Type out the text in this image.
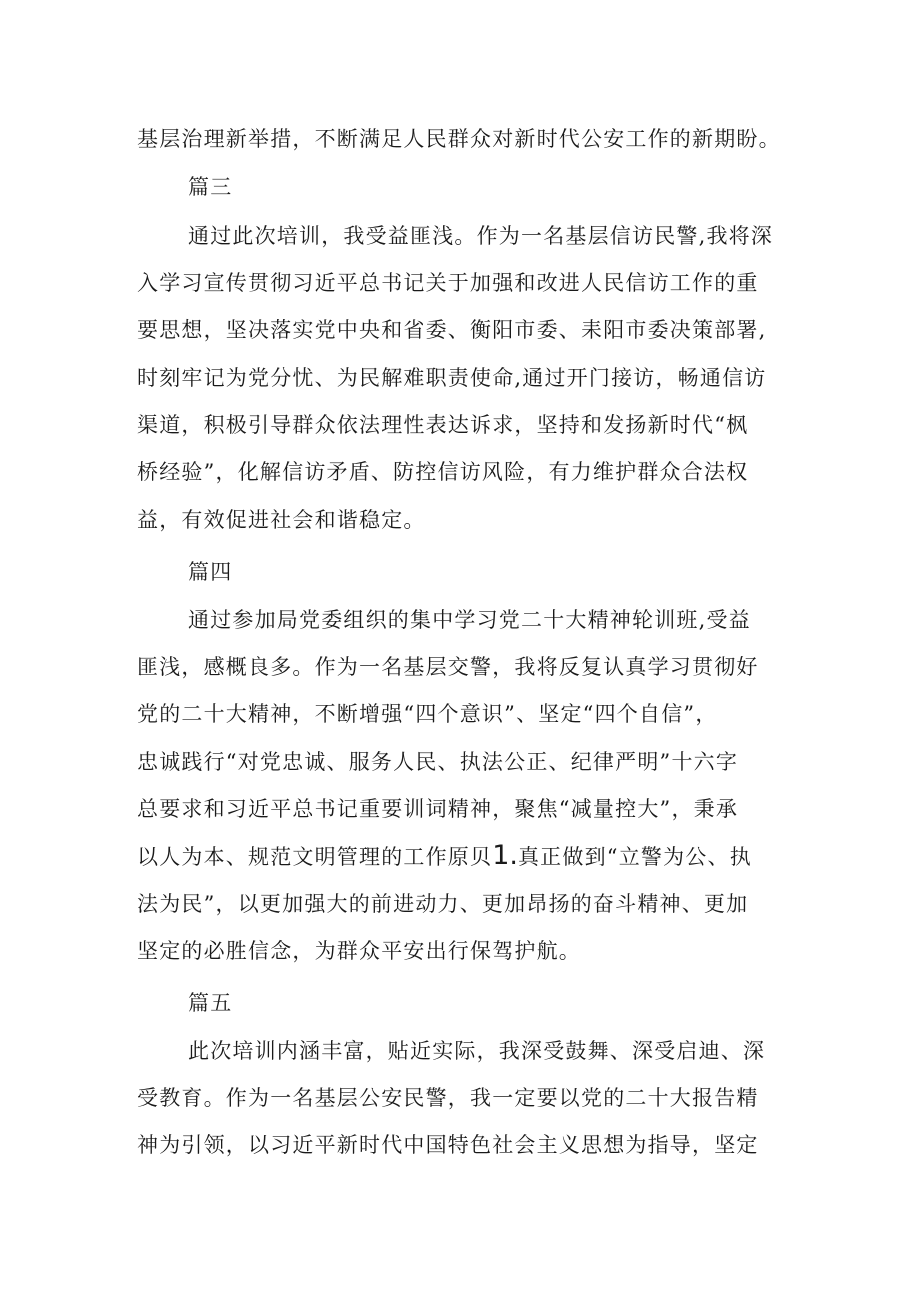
基层治理新举措，不断满足人民群众对新时代公安工作的新期盼。
篇三
通过此次培训，我受益匪浅。作为一名基层信访民警,我将深
入学习宣传贯彻习近平总书记关于加强和改进人民信访工作的重
要思想，坚决落实党中央和省委、衡阳市委、耒阳市委决策部署,
时刻牢记为党分忧、为民解难职责使命,通过开门接访，畅通信访
渠道，积极引导群众依法理性表达诉求，坚持和发扬新时代“枫
桥经验”，化解信访矛盾、防控信访风险，有力维护群众合法权
益，有效促进社会和谐稳定。
篇四
通过参加局党委组织的集中学习党二十大精神轮训班,受益
匪浅，感概良多。作为一名基层交警，我将反复认真学习贯彻好
党的二十大精神，不断增强“四个意识”、坚定“四个自信”，
忠诚践行“对党忠诚、服务人民、执法公正、纪律严明”十六字
总要求和习近平总书记重要训词精神，聚焦“减量控大”，秉承
以人为本、规范文明管理的工作原贝1.真正做到“立警为公、执
法为民”，以更加强大的前进动力、更加昂扬的奋斗精神、更加
坚定的必胜信念，为群众平安出行保驾护航。
篇五
此次培训内涵丰富，贴近实际，我深受鼓舞、深受启迪、深
受教育。作为一名基层公安民警，我一定要以党的二十大报告精
神为引领，以习近平新时代中国特色社会主义思想为指导，坚定
